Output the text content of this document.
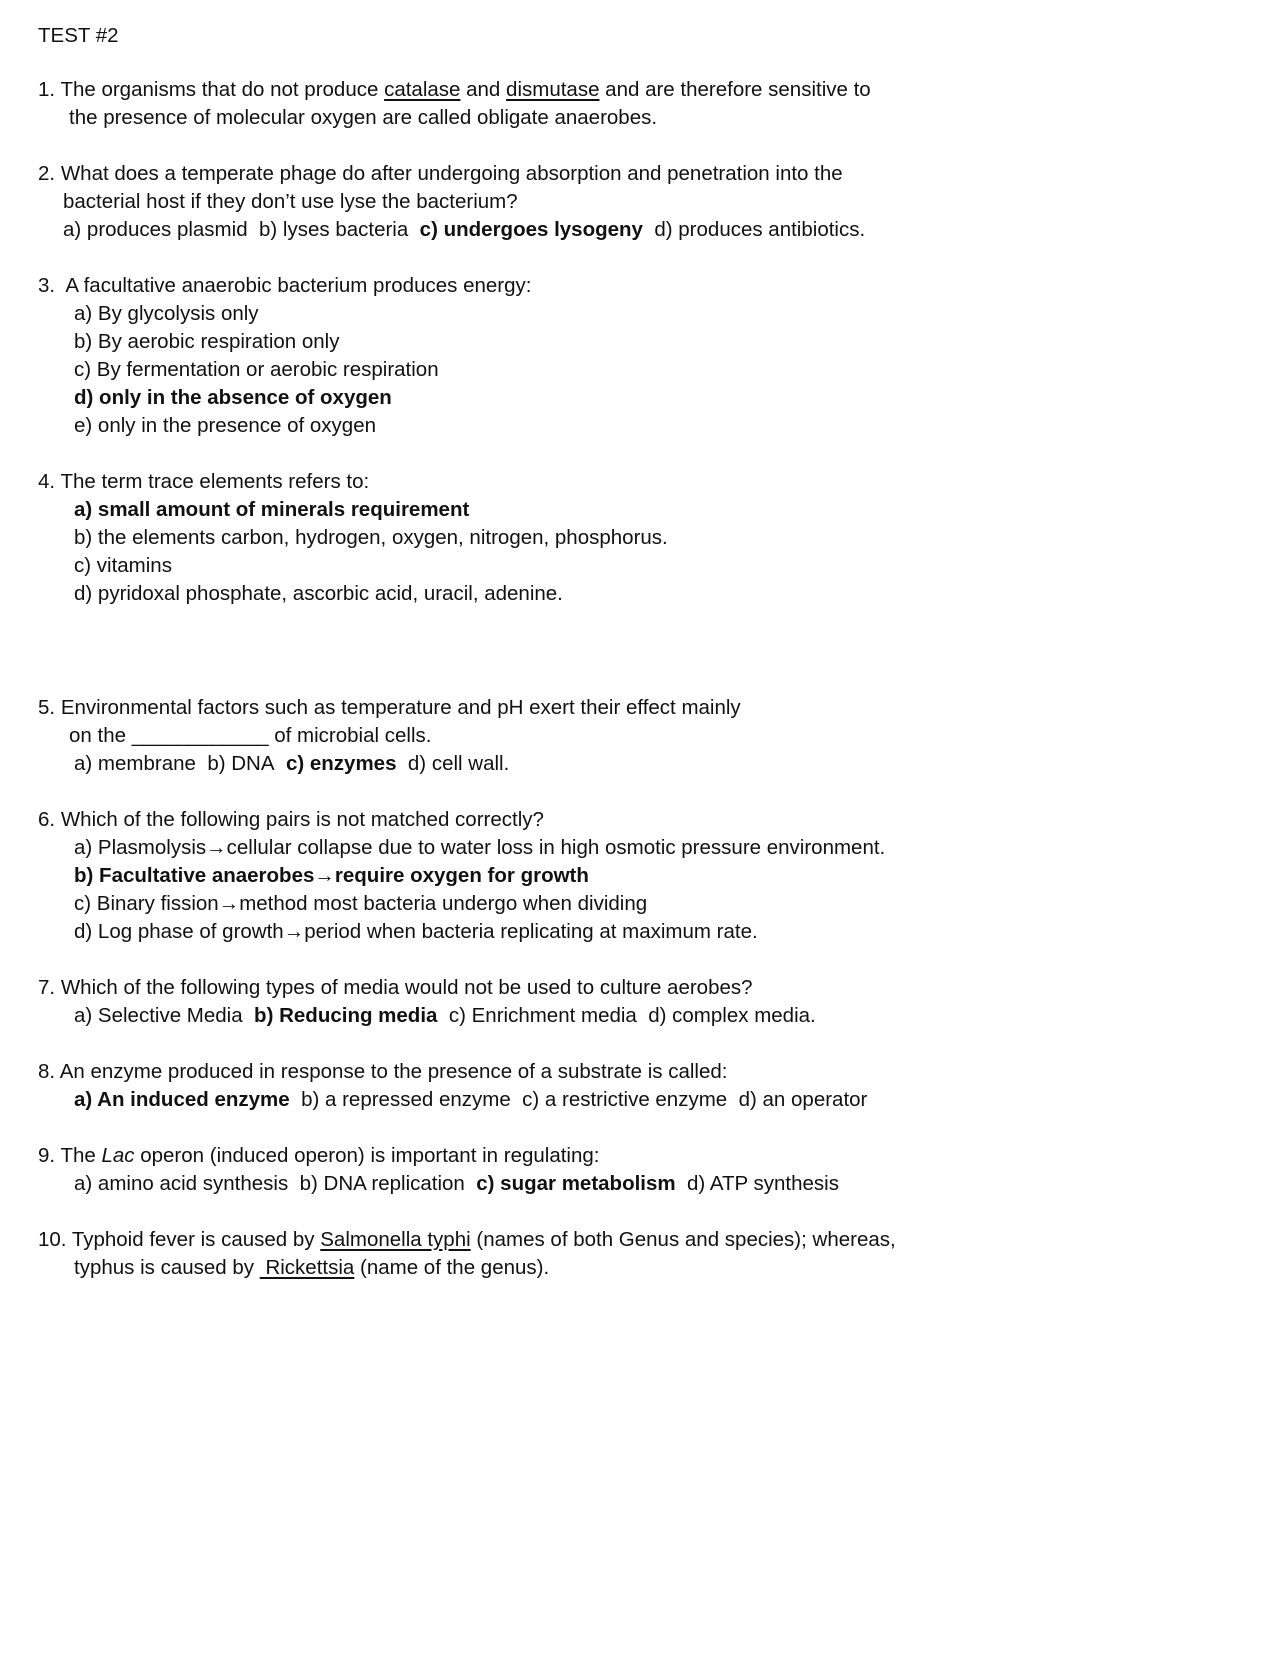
TEST #2
1. The organisms that do not produce catalase and dismutase and are therefore sensitive to
the presence of molecular oxygen are called obligate anaerobes.
2. What does a temperate phage do after undergoing absorption and penetration into the
bacterial host if they don’t use lyse the bacterium?
a) produces plasmid b) lyses bacteria c) undergoes lysogeny d) produces antibiotics.
3. A facultative anaerobic bacterium produces energy:
a) By glycolysis only
b) By aerobic respiration only
c) By fermentation or aerobic respiration
d) only in the absence of oxygen
e) only in the presence of oxygen
4. The term trace elements refers to:
a) small amount of minerals requirement
b) the elements carbon, hydrogen, oxygen, nitrogen, phosphorus.
c) vitamins
d) pyridoxal phosphate, ascorbic acid, uracil, adenine.
5. Environmental factors such as temperature and pH exert their effect mainly
on the ____________ of microbial cells.
a) membrane b) DNA c) enzymes d) cell wall.
6. Which of the following pairs is not matched correctly?
a) Plasmolysis→cellular collapse due to water loss in high osmotic pressure environment.
b) Facultative anaerobes→require oxygen for growth
c) Binary fission→method most bacteria undergo when dividing
d) Log phase of growth→period when bacteria replicating at maximum rate.
7. Which of the following types of media would not be used to culture aerobes?
a) Selective Media b) Reducing media c) Enrichment media d) complex media.
8. An enzyme produced in response to the presence of a substrate is called:
a) An induced enzyme b) a repressed enzyme c) a restrictive enzyme d) an operator
9. The Lac operon (induced operon) is important in regulating:
a) amino acid synthesis b) DNA replication c) sugar metabolism d) ATP synthesis
10. Typhoid fever is caused by Salmonella typhi (names of both Genus and species); whereas,
typhus is caused by  Rickettsia (name of the genus).
